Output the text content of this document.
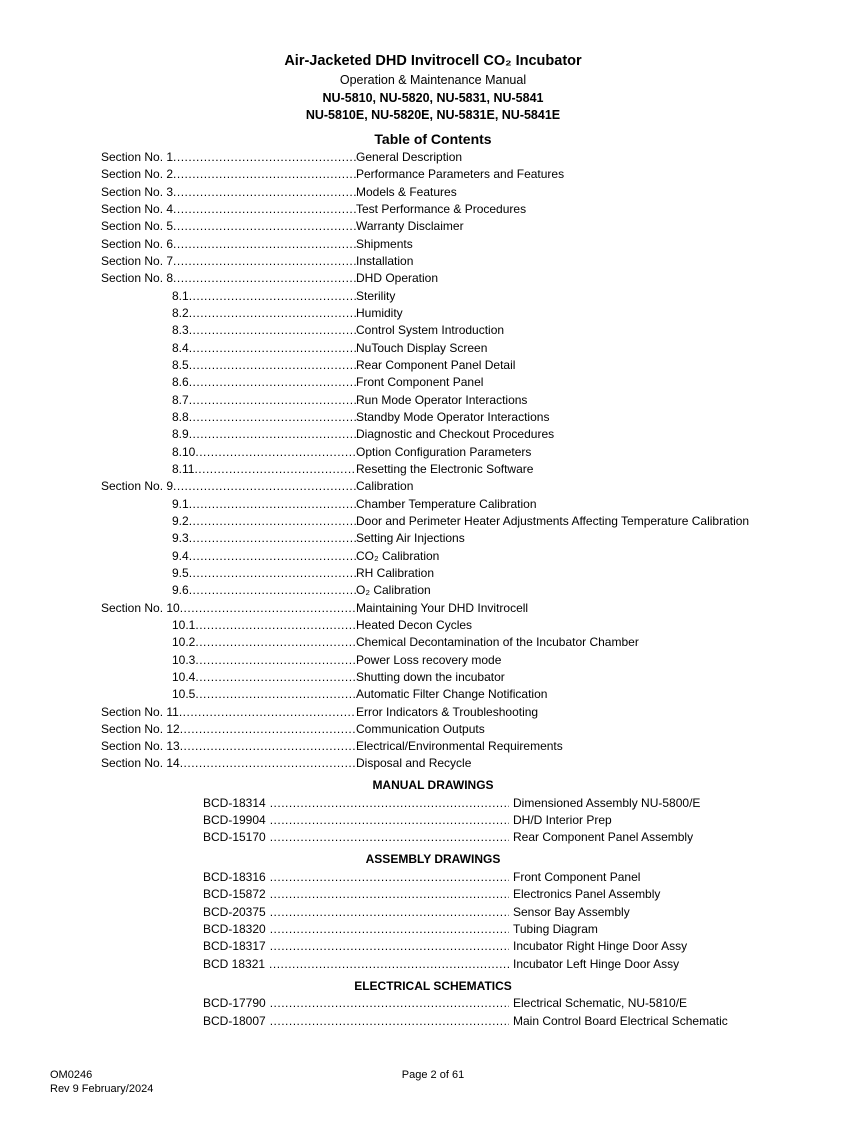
Air-Jacketed DHD Invitrocell CO₂ Incubator
Operation & Maintenance Manual
NU-5810, NU-5820, NU-5831, NU-5841
NU-5810E, NU-5820E, NU-5831E, NU-5841E
Table of Contents
Section No. 1 .....	General Description
Section No. 2 .....	Performance Parameters and Features
Section No. 3 .....	Models & Features
Section No. 4 .....	Test Performance & Procedures
Section No. 5 .....	Warranty Disclaimer
Section No. 6 .....	Shipments
Section No. 7 .....	Installation
Section No. 8 .....	DHD Operation
8.1 .....	Sterility
8.2 .....	Humidity
8.3 .....	Control System Introduction
8.4 .....	NuTouch Display Screen
8.5 .....	Rear Component Panel Detail
8.6 .....	Front Component Panel
8.7 .....	Run Mode Operator Interactions
8.8 .....	Standby Mode Operator Interactions
8.9 .....	Diagnostic and Checkout Procedures
8.10 .....	Option Configuration Parameters
8.11 .....	Resetting the Electronic Software
Section No. 9 .....	Calibration
9.1 .....	Chamber Temperature Calibration
9.2 .....	Door and Perimeter Heater Adjustments Affecting Temperature Calibration
9.3 .....	Setting Air Injections
9.4 .....	CO₂ Calibration
9.5 .....	RH Calibration
9.6 .....	O₂ Calibration
Section No. 10 .....	Maintaining Your DHD Invitrocell
10.1 .....	Heated Decon Cycles
10.2 .....	Chemical Decontamination of the Incubator Chamber
10.3 .....	Power Loss recovery mode
10.4 .....	Shutting down the incubator
10.5 .....	Automatic Filter Change Notification
Section No. 11 .....	Error Indicators & Troubleshooting
Section No. 12 .....	Communication Outputs
Section No. 13 .....	Electrical/Environmental Requirements
Section No. 14 .....	Disposal and Recycle
MANUAL DRAWINGS
BCD-18314 .....	Dimensioned Assembly NU-5800/E
BCD-19904 .....	DH/D Interior Prep
BCD-15170 .....	Rear Component Panel Assembly
ASSEMBLY DRAWINGS
BCD-18316 .....	Front Component Panel
BCD-15872 .....	Electronics Panel Assembly
BCD-20375 .....	Sensor Bay Assembly
BCD-18320 .....	Tubing Diagram
BCD-18317 .....	Incubator Right Hinge Door Assy
BCD 18321 .....	Incubator Left Hinge Door Assy
ELECTRICAL SCHEMATICS
BCD-17790 .....	Electrical Schematic, NU-5810/E
BCD-18007 .....	Main Control Board Electrical Schematic
OM0246
Rev 9 February/2024
Page 2 of 61
